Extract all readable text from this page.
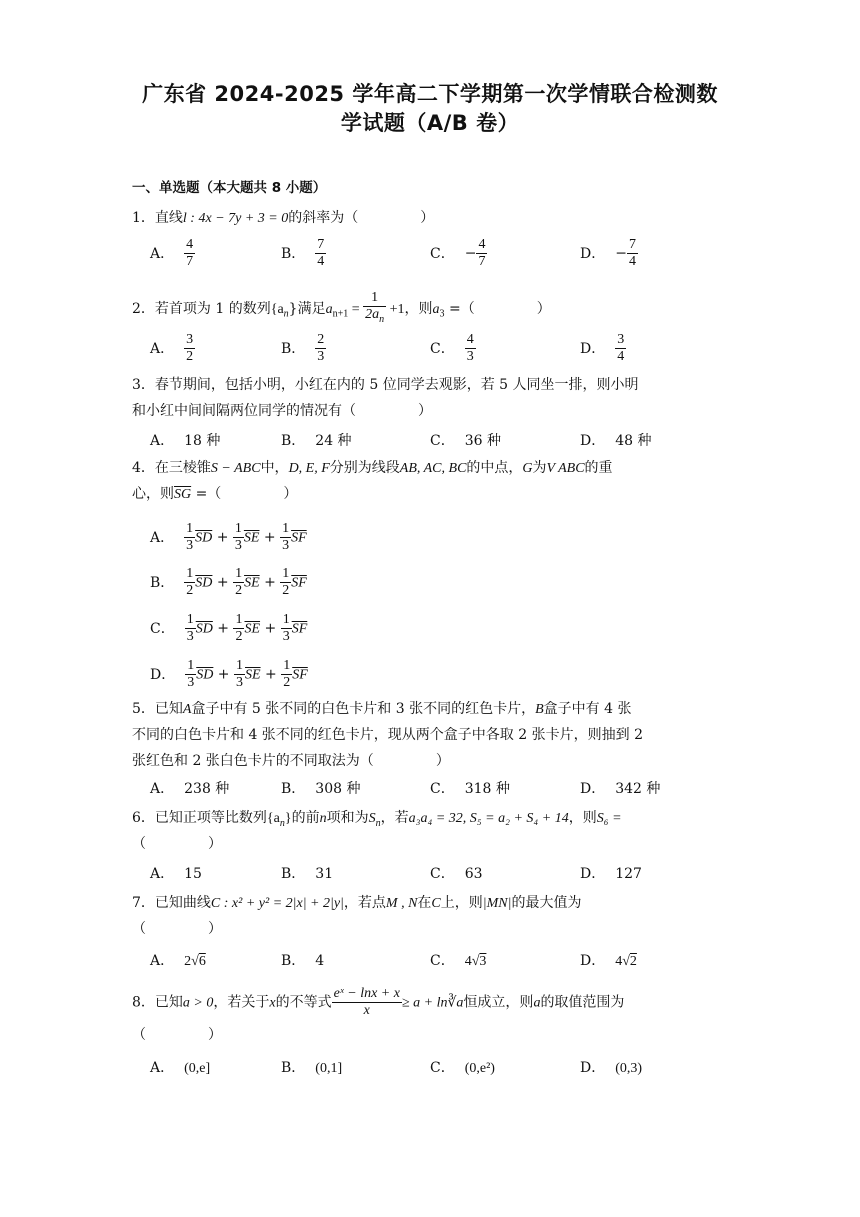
广东省 2024-2025 学年高二下学期第一次学情联合检测数
学试题（A/B 卷）
一、单选题（本大题共 8 小题）
1．直线l : 4x − 7y + 3 = 0的斜率为（	）
A． $\frac{4}{7}$	B． $\frac{7}{4}$	C． − $\frac{4}{7}$	D． − $\frac{7}{4}$
2．若首项为 1 的数列$\{a_n\}$满足$a_{n+1} = \frac{1}{2a_n} +1$，则$a_3$ =（	）
A． $\frac{3}{2}$	B． $\frac{2}{3}$	C． $\frac{4}{3}$	D． $\frac{3}{4}$
3．春节期间，包括小明，小红在内的 5 位同学去观影，若 5 人同坐一排，则小明
和小红中间间隔两位同学的情况有（	）
A． 18 种	B． 24 种	C． 36 种	D． 48 种
4．在三棱锥S − ABC中，D, E, F分别为线段AB, AC, BC的中点，G为V ABC的重
心，则$\overline{SG}$ =（	）
A． $\frac{1}{3} \overline{SD} + \frac{1}{3} \overline{SE} + \frac{1}{3} \overline{SF}$
B． $\frac{1}{2} \overline{SD} + \frac{1}{2} \overline{SE} + \frac{1}{2} \overline{SF}$
C． $\frac{1}{3} \overline{SD} + \frac{1}{2} \overline{SE} + \frac{1}{3} \overline{SF}$
D． $\frac{1}{3} \overline{SD} + \frac{1}{3} \overline{SE} + \frac{1}{2} \overline{SF}$
5．已知A盒子中有 5 张不同的白色卡片和 3 张不同的红色卡片，B盒子中有 4 张
不同的白色卡片和 4 张不同的红色卡片，现从两个盒子中各取 2 张卡片，则抽到 2
张红色和 2 张白色卡片的不同取法为（	）
A． 238 种	B． 308 种	C． 318 种	D． 342 种
6．已知正项等比数列$\{a_n\}$的前n项和为$S_n$，若a₃a₄ = 32, S₅ = a₂ + S₄ + 14，则S₆ =
（	）
A． 15	B． 31	C． 63	D． 127
7．已知曲线C : x² + y² = 2|x| + 2|y|，若点M , N在C上，则|MN|的最大值为
（	）
A． 2√6	B． 4	C． 4√3	D． 4√2
8．已知a > 0，若关于x的不等式 $\frac{\text{eˣ − lnx + x}}{x} \ge a$ + ln∛a恒成立，则a的取值范围为
（	）
A． (0,e]	B． (0,1]	C． (0,e²)	D． (0,3)
